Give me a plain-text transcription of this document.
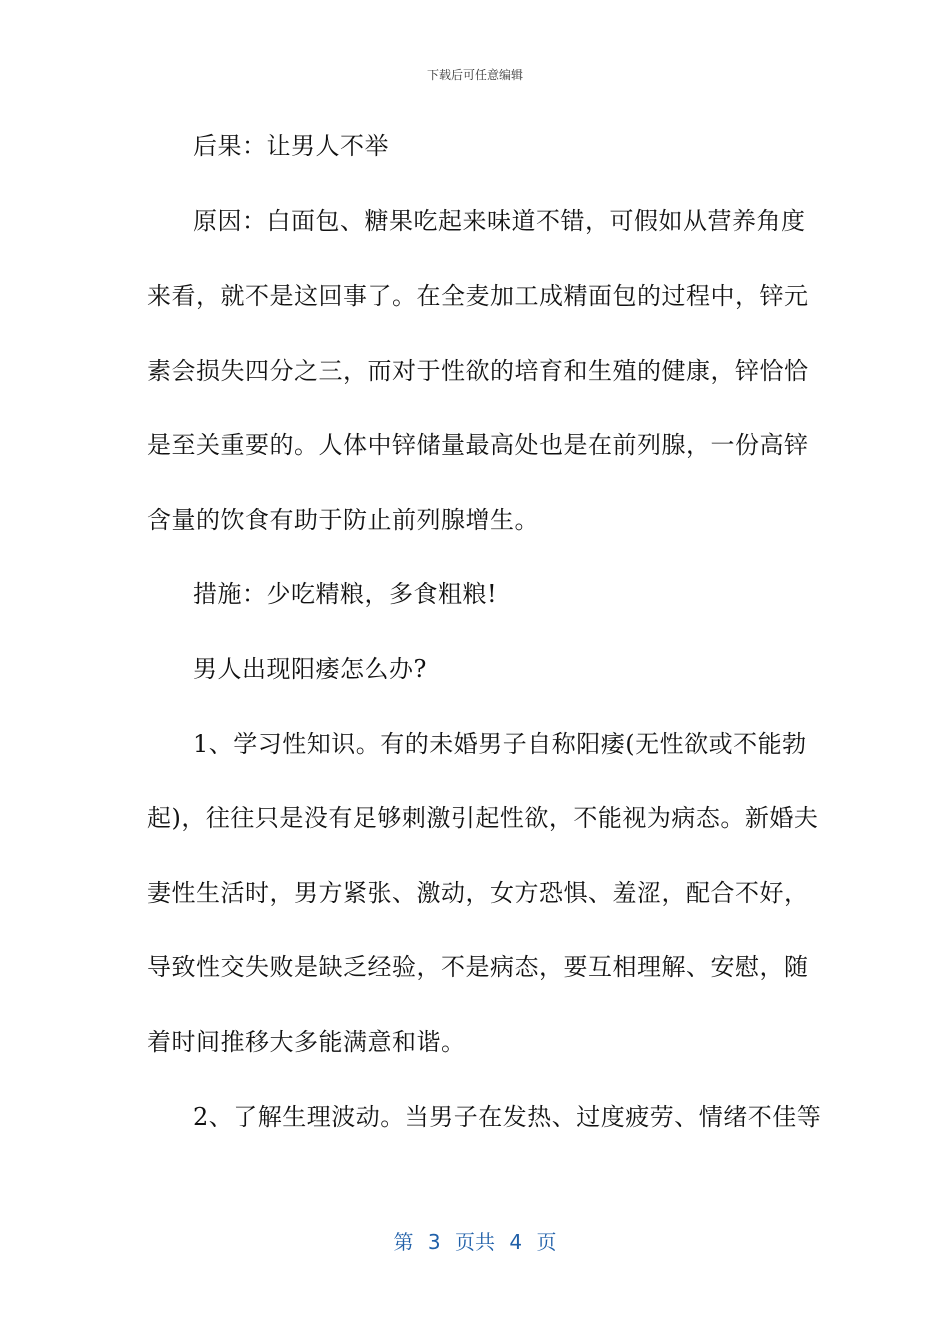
下载后可任意编辑
后果：让男人不举
原因：白面包、糖果吃起来味道不错，可假如从营养角度
来看，就不是这回事了。在全麦加工成精面包的过程中，锌元
素会损失四分之三，而对于性欲的培育和生殖的健康，锌恰恰
是至关重要的。人体中锌储量最高处也是在前列腺，一份高锌
含量的饮食有助于防止前列腺增生。
措施：少吃精粮，多食粗粮!
男人出现阳痿怎么办?
1、学习性知识。有的未婚男子自称阳痿(无性欲或不能勃
起)，往往只是没有足够刺激引起性欲，不能视为病态。新婚夫
妻性生活时，男方紧张、激动，女方恐惧、羞涩，配合不好，
导致性交失败是缺乏经验，不是病态，要互相理解、安慰，随
着时间推移大多能满意和谐。
2、了解生理波动。当男子在发热、过度疲劳、情绪不佳等
第 3 页共 4 页
